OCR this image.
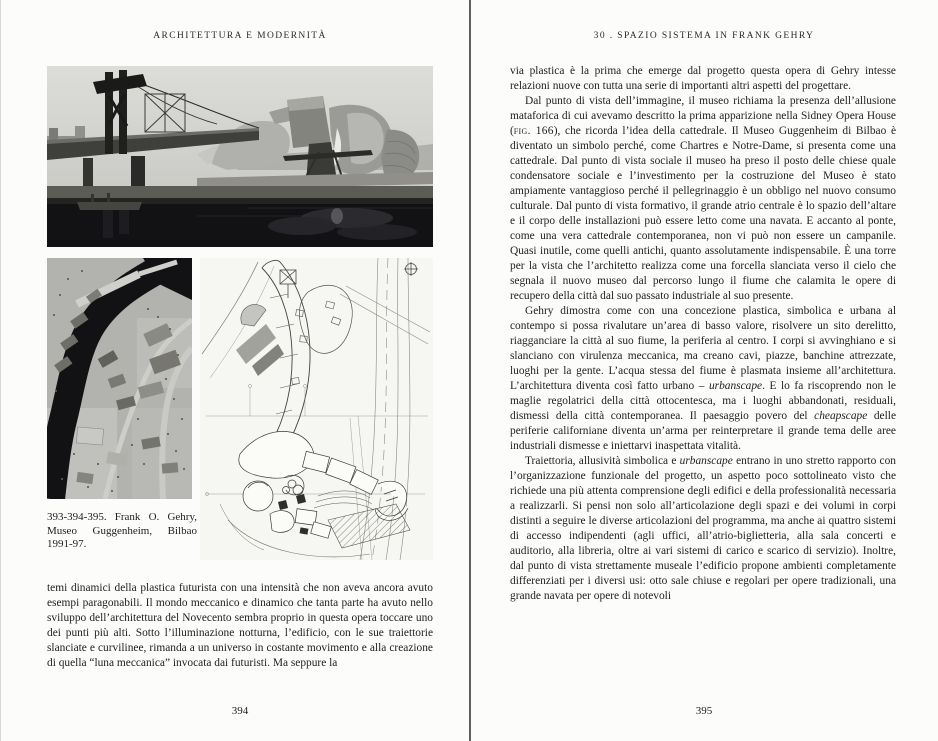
ARCHITETTURA E MODERNITÀ
393-394-395. Frank O. Gehry, Museo Guggenheim, Bilbao 1991-97.

temi dinamici della plastica futurista con una intensità che non aveva ancora avuto esempi paragonabili. Il mondo meccanico e dinamico che tanta parte ha avuto nello sviluppo dell’architettura del Novecento sembra proprio in questa opera toccare uno dei punti più alti. Sotto l’illuminazione notturna, l’edificio, con le sue traiettorie slanciate e curvilinee, rimanda a un universo in costante movimento e alla creazione di quella “luna meccanica” invocata dai futuristi. Ma seppure la

394
30 . SPAZIO SISTEMA IN FRANK GEHRY

via plastica è la prima che emerge dal progetto questa opera di Gehry intesse relazioni nuove con tutta una serie di importanti altri aspetti del progettare.

Dal punto di vista dell’immagine, il museo richiama la presenza dell’allusione mataforica di cui avevamo descritto la prima apparizione nella Sidney Opera House (fig. 166), che ricorda l’idea della cattedrale. Il Museo Guggenheim di Bilbao è diventato un simbolo perché, come Chartres e Notre-Dame, si presenta come una cattedrale. Dal punto di vista sociale il museo ha preso il posto delle chiese quale condensatore sociale e l’investimento per la costruzione del Museo è stato ampiamente vantaggioso perché il pellegrinaggio è un obbligo nel nuovo consumo culturale. Dal punto di vista formativo, il grande atrio centrale è lo spazio dell’altare e il corpo delle installazioni può essere letto come una navata. E accanto al ponte, come una vera cattedrale contemporanea, non vi può non essere un campanile. Quasi inutile, come quelli antichi, quanto assolutamente indispensabile. È una torre per la vista che l’architetto realizza come una forcella slanciata verso il cielo che segnala il nuovo museo dal percorso lungo il fiume che calamita le opere di recupero della città dal suo passato industriale al suo presente.

Gehry dimostra come con una concezione plastica, simbolica e urbana al contempo si possa rivalutare un’area di basso valore, risolvere un sito derelitto, riagganciare la città al suo fiume, la periferia al centro. I corpi si avvinghiano e si slanciano con virulenza meccanica, ma creano cavi, piazze, banchine attrezzate, luoghi per la gente. L’acqua stessa del fiume è plasmata insieme all’architettura. L’architettura diventa così fatto urbano – urbanscape. E lo fa riscoprendo non le maglie regolatrici della città ottocentesca, ma i luoghi abbandonati, residuali, dismessi della città contemporanea. Il paesaggio povero del cheapscape delle periferie californiane diventa un’arma per reinterpretare il grande tema delle aree industriali dismesse e iniettarvi inaspettata vitalità.

Traiettoria, allusività simbolica e urbanscape entrano in uno stretto rapporto con l’organizzazione funzionale del progetto, un aspetto poco sottolineato visto che richiede una più attenta comprensione degli edifici e della professionalità necessaria a realizzarli. Si pensi non solo all’articolazione degli spazi e dei volumi in corpi distinti a seguire le diverse articolazioni del programma, ma anche ai quattro sistemi di accesso indipendenti (agli uffici, all’atrio-biglietteria, alla sala concerti e auditorio, alla libreria, oltre ai vari sistemi di carico e scarico di servizio). Inoltre, dal punto di vista strettamente museale l’edificio propone ambienti completamente differenziati per i diversi usi: otto sale chiuse e regolari per opere tradizionali, una grande navata per opere di notevoli

395
